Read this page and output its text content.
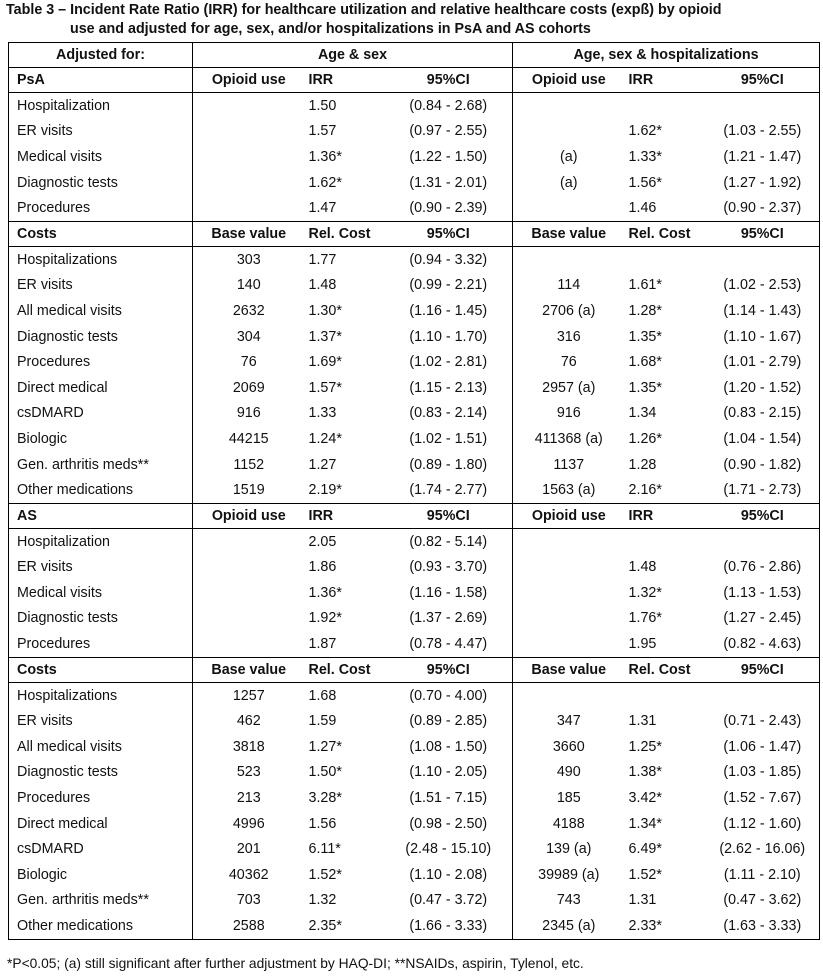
Table 3 – Incident Rate Ratio (IRR) for healthcare utilization and relative healthcare costs (expß) by opioid
use and adjusted for age, sex, and/or hospitalizations in PsA and AS cohorts
Adjusted for:	Age & sex			Age, sex & hospitalizations		
PsA	Opioid use	IRR	95%CI	Opioid use	IRR	95%CI
Hospitalization		1.50	(0.84 - 2.68)			
ER visits		1.57	(0.97 - 2.55)		1.62*	(1.03 - 2.55)
Medical visits		1.36*	(1.22 - 1.50)	(a)	1.33*	(1.21 - 1.47)
Diagnostic tests		1.62*	(1.31 - 2.01)	(a)	1.56*	(1.27 - 1.92)
Procedures		1.47	(0.90 - 2.39)		1.46	(0.90 - 2.37)
Costs	Base value	Rel. Cost	95%CI	Base value	Rel. Cost	95%CI
Hospitalizations	303	1.77	(0.94 - 3.32)			
ER visits	140	1.48	(0.99 - 2.21)	114	1.61*	(1.02 - 2.53)
All medical visits	2632	1.30*	(1.16 - 1.45)	2706 (a)	1.28*	(1.14 - 1.43)
Diagnostic tests	304	1.37*	(1.10 - 1.70)	316	1.35*	(1.10 - 1.67)
Procedures	76	1.69*	(1.02 - 2.81)	76	1.68*	(1.01 - 2.79)
Direct medical	2069	1.57*	(1.15 - 2.13)	2957 (a)	1.35*	(1.20 - 1.52)
csDMARD	916	1.33	(0.83 - 2.14)	916	1.34	(0.83 - 2.15)
Biologic	44215	1.24*	(1.02 - 1.51)	411368 (a)	1.26*	(1.04 - 1.54)
Gen. arthritis meds**	1152	1.27	(0.89 - 1.80)	1137	1.28	(0.90 - 1.82)
Other medications	1519	2.19*	(1.74 - 2.77)	1563 (a)	2.16*	(1.71 - 2.73)
AS	Opioid use	IRR	95%CI	Opioid use	IRR	95%CI
Hospitalization		2.05	(0.82 - 5.14)			
ER visits		1.86	(0.93 - 3.70)		1.48	(0.76 - 2.86)
Medical visits		1.36*	(1.16 - 1.58)		1.32*	(1.13 - 1.53)
Diagnostic tests		1.92*	(1.37 - 2.69)		1.76*	(1.27 - 2.45)
Procedures		1.87	(0.78 - 4.47)		1.95	(0.82 - 4.63)
Costs	Base value	Rel. Cost	95%CI	Base value	Rel. Cost	95%CI
Hospitalizations	1257	1.68	(0.70 - 4.00)			
ER visits	462	1.59	(0.89 - 2.85)	347	1.31	(0.71 - 2.43)
All medical visits	3818	1.27*	(1.08 - 1.50)	3660	1.25*	(1.06 - 1.47)
Diagnostic tests	523	1.50*	(1.10 - 2.05)	490	1.38*	(1.03 - 1.85)
Procedures	213	3.28*	(1.51 - 7.15)	185	3.42*	(1.52 - 7.67)
Direct medical	4996	1.56	(0.98 - 2.50)	4188	1.34*	(1.12 - 1.60)
csDMARD	201	6.11*	(2.48 - 15.10)	139 (a)	6.49*	(2.62 - 16.06)
Biologic	40362	1.52*	(1.10 - 2.08)	39989 (a)	1.52*	(1.11 - 2.10)
Gen. arthritis meds**	703	1.32	(0.47 - 3.72)	743	1.31	(0.47 - 3.62)
Other medications	2588	2.35*	(1.66 - 3.33)	2345 (a)	2.33*	(1.63 - 3.33)
*P<0.05; (a) still significant after further adjustment by HAQ-DI; **NSAIDs, aspirin, Tylenol, etc.
